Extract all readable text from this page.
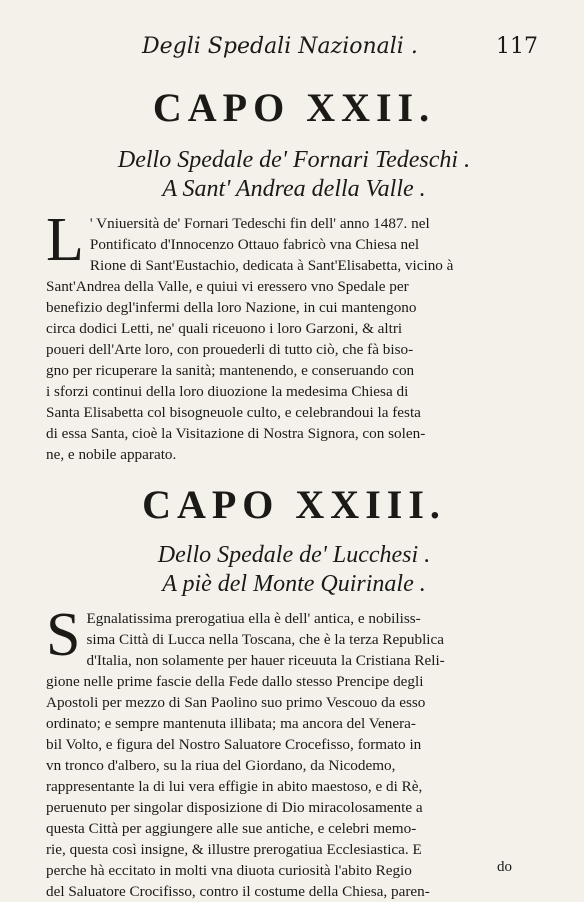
Degli Spedali Nazionali .	117
CAPO XXII.

Dello Spedale de' Fornari Tedeschi .

A Sant' Andrea della Valle .

L ' Vniuersità de' Fornari Tedeschi fin dell' anno 1487. nel
Pontificato d'Innocenzo Ottauo fabricò vna Chiesa nel
Rione di Sant'Eustachio, dedicata à Sant'Elisabetta, vicino à
Sant'Andrea della Valle, e quiui vi eressero vno Spedale per
benefizio degl'infermi della loro Nazione, in cui mantengono
circa dodici Letti, ne' quali riceuono i loro Garzoni, & altri
poueri dell'Arte loro, con prouederli di tutto ciò, che fà biso-
gno per ricuperare la sanità; mantenendo, e conseruando con
i sforzi continui della loro diuozione la medesima Chiesa di
Santa Elisabetta col bisogneuole culto, e celebrandoui la festa
di essa Santa, cioè la Visitazione di Nostra Signora, con solen-
ne, e nobile apparato.
CAPO XXIII.

Dello Spedale de' Lucchesi .

A piè del Monte Quirinale .

S Egnalatissima prerogatiua ella è dell' antica, e nobiliss-
sima Città di Lucca nella Toscana, che è la terza Republica
d'Italia, non solamente per hauer riceuuta la Cristiana Reli-
gione nelle prime fascie della Fede dallo stesso Prencipe degli
Apostoli per mezzo di San Paolino suo primo Vescouo da esso
ordinato; e sempre mantenuta illibata; ma ancora del Venera-
bil Volto, e figura del Nostro Saluatore Crocefisso, formato in
vn tronco d'albero, su la riua del Giordano, da Nicodemo,
rappresentante la di lui vera effigie in abito maestoso, e di Rè,
peruenuto per singolar disposizione di Dio miracolosamente a
questa Città per aggiungere alle sue antiche, e celebri memo-
rie, questa così insigne, & illustre prerogatiua Ecclesiastica. E
perche hà eccitato in molti vna diuota curiosità l'abito Regio
del Saluatore Crocifisso, contro il costume della Chiesa, paren-
do
